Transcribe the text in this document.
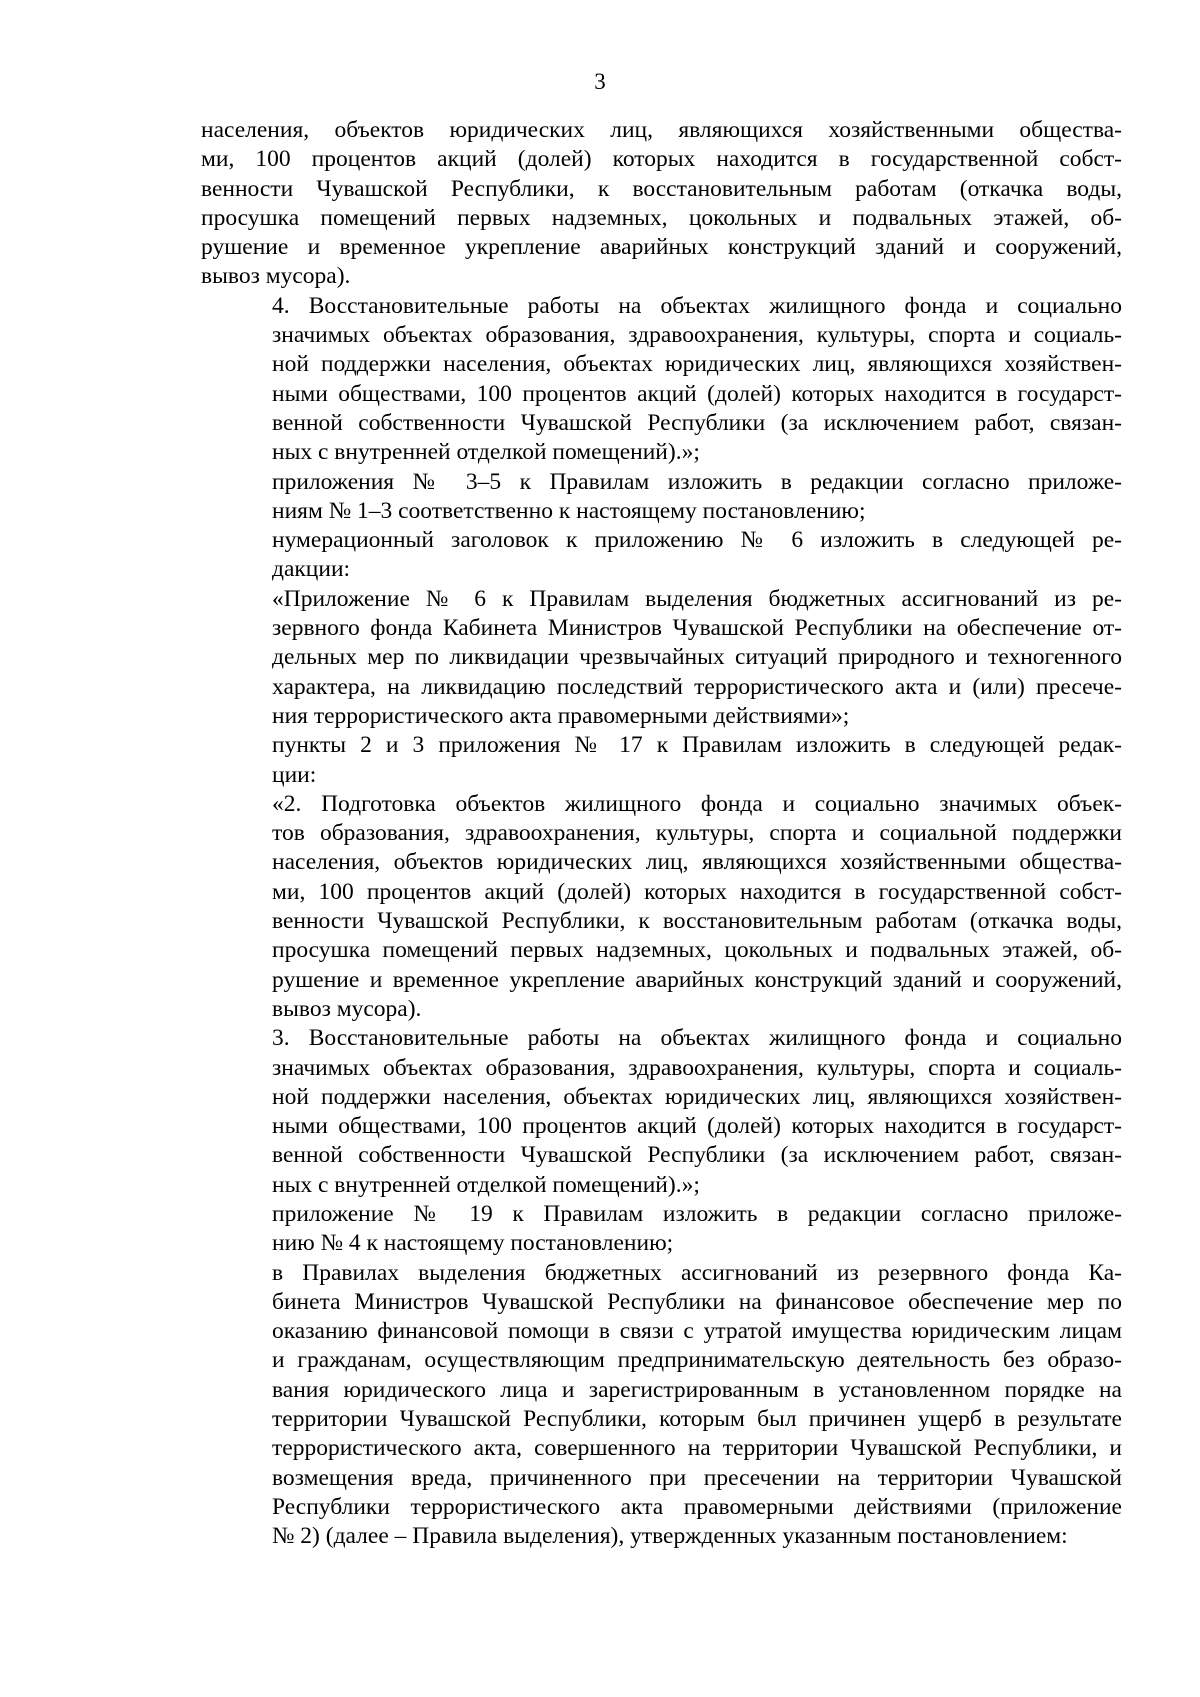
3
населения, объектов юридических лиц, являющихся хозяйственными общества-
ми, 100 процентов акций (долей) которых находится в государственной собст-
венности Чувашской Республики, к восстановительным работам (откачка воды,
просушка помещений первых надземных, цокольных и подвальных этажей, об-
рушение и временное укрепление аварийных конструкций зданий и сооружений,
вывоз мусора).
4. Восстановительные работы на объектах жилищного фонда и социально
значимых объектах образования, здравоохранения, культуры, спорта и социаль-
ной поддержки населения, объектах юридических лиц, являющихся хозяйствен-
ными обществами, 100 процентов акций (долей) которых находится в государст-
венной собственности Чувашской Республики (за исключением работ, связан-
ных с внутренней отделкой помещений).»;
приложения № 3–5 к Правилам изложить в редакции согласно приложе-
ниям № 1–3 соответственно к настоящему постановлению;
нумерационный заголовок к приложению № 6 изложить в следующей ре-
дакции:
«Приложение № 6 к Правилам выделения бюджетных ассигнований из ре-
зервного фонда Кабинета Министров Чувашской Республики на обеспечение от-
дельных мер по ликвидации чрезвычайных ситуаций природного и техногенного
характера, на ликвидацию последствий террористического акта и (или) пресече-
ния террористического акта правомерными действиями»;
пункты 2 и 3 приложения № 17 к Правилам изложить в следующей редак-
ции:
«2. Подготовка объектов жилищного фонда и социально значимых объек-
тов образования, здравоохранения, культуры, спорта и социальной поддержки
населения, объектов юридических лиц, являющихся хозяйственными общества-
ми, 100 процентов акций (долей) которых находится в государственной собст-
венности Чувашской Республики, к восстановительным работам (откачка воды,
просушка помещений первых надземных, цокольных и подвальных этажей, об-
рушение и временное укрепление аварийных конструкций зданий и сооружений,
вывоз мусора).
3. Восстановительные работы на объектах жилищного фонда и социально
значимых объектах образования, здравоохранения, культуры, спорта и социаль-
ной поддержки населения, объектах юридических лиц, являющихся хозяйствен-
ными обществами, 100 процентов акций (долей) которых находится в государст-
венной собственности Чувашской Республики (за исключением работ, связан-
ных с внутренней отделкой помещений).»;
приложение № 19 к Правилам изложить в редакции согласно приложе-
нию № 4 к настоящему постановлению;
в Правилах выделения бюджетных ассигнований из резервного фонда Ка-
бинета Министров Чувашской Республики на финансовое обеспечение мер по
оказанию финансовой помощи в связи с утратой имущества юридическим лицам
и гражданам, осуществляющим предпринимательскую деятельность без образо-
вания юридического лица и зарегистрированным в установленном порядке на
территории Чувашской Республики, которым был причинен ущерб в результате
террористического акта, совершенного на территории Чувашской Республики, и
возмещения вреда, причиненного при пресечении на территории Чувашской
Республики террористического акта правомерными действиями (приложение
№ 2) (далее – Правила выделения), утвержденных указанным постановлением:
